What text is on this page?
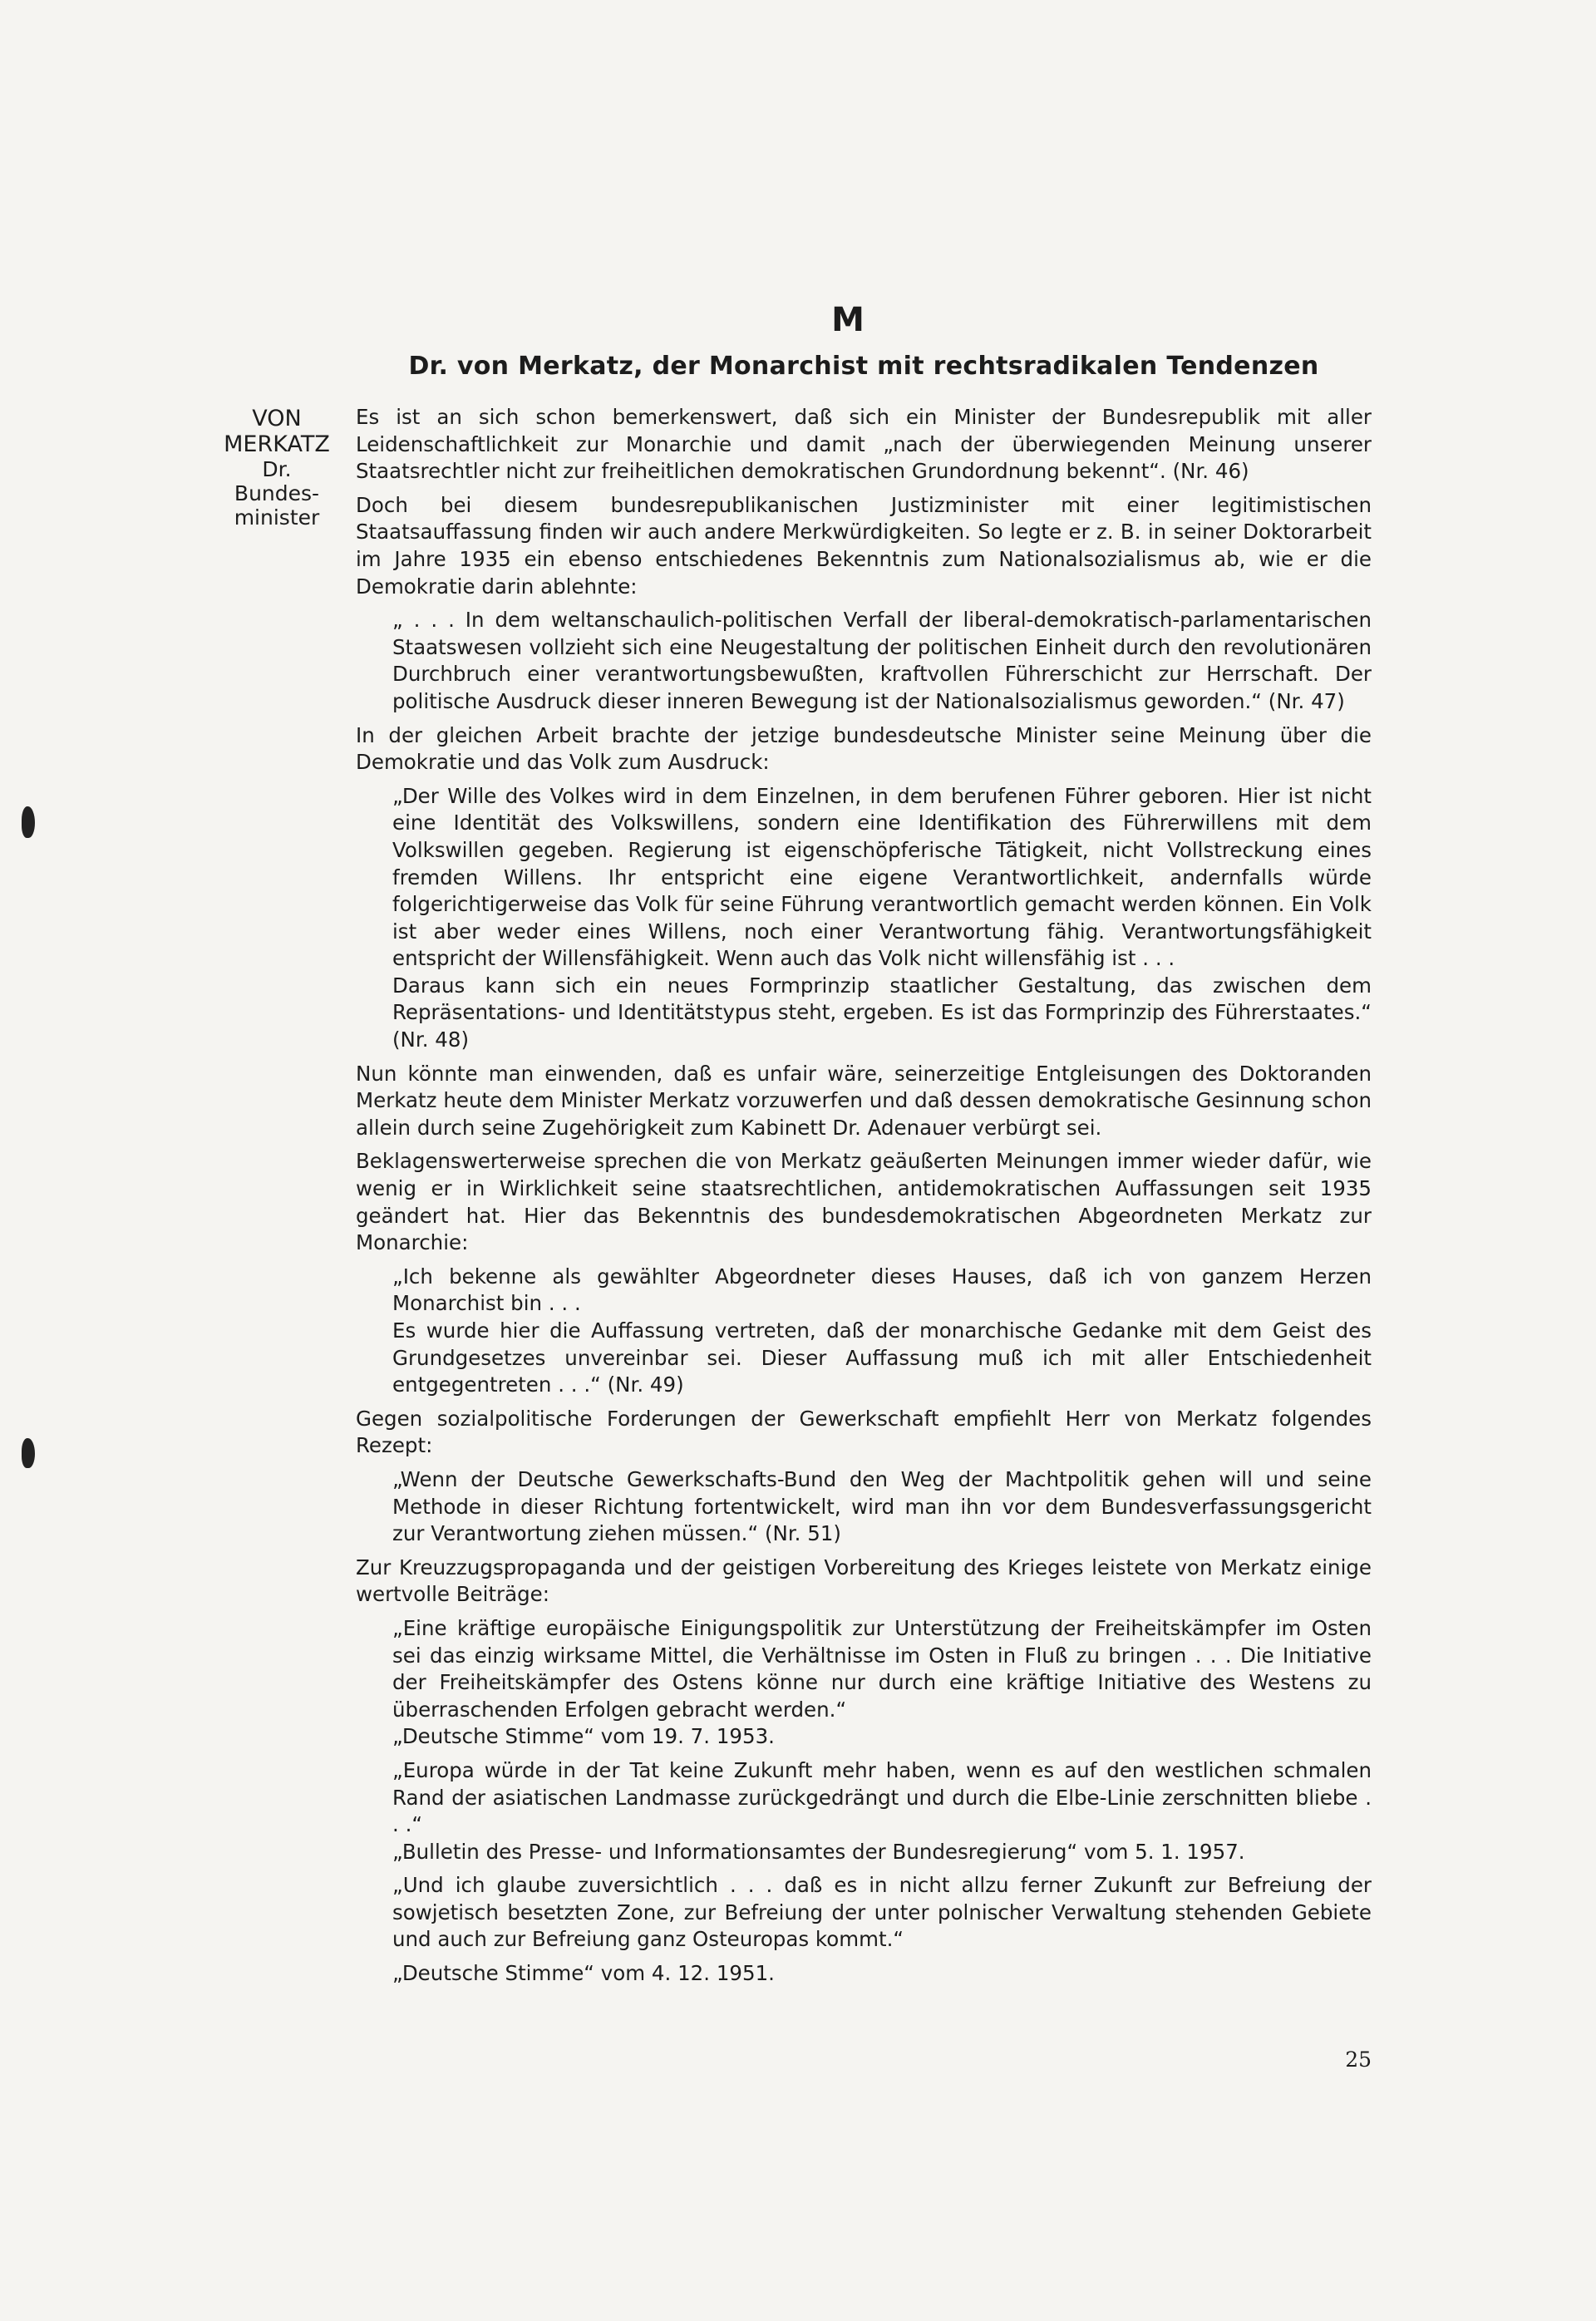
M
Dr. von Merkatz, der Monarchist mit rechtsradikalen Tendenzen
VON
MERKATZ
Dr.
Bundes-
minister

Es ist an sich schon bemerkenswert, daß sich ein Minister der Bundesrepublik mit aller Leidenschaftlichkeit zur Monarchie und damit „nach der überwiegenden Meinung unserer Staatsrechtler nicht zur freiheitlichen demokratischen Grundordnung bekennt“. (Nr. 46)

Doch bei diesem bundesrepublikanischen Justizminister mit einer legitimistischen Staatsauffassung finden wir auch andere Merkwürdigkeiten. So legte er z. B. in seiner Doktorarbeit im Jahre 1935 ein ebenso entschiedenes Bekenntnis zum Nationalsozialismus ab, wie er die Demokratie darin ablehnte:

„ . . . In dem weltanschaulich-politischen Verfall der liberal-demokratisch-parlamentarischen Staatswesen vollzieht sich eine Neugestaltung der politischen Einheit durch den revolutionären Durchbruch einer verantwortungsbewußten, kraftvollen Führerschicht zur Herrschaft. Der politische Ausdruck dieser inneren Bewegung ist der Nationalsozialismus geworden.“ (Nr. 47)

In der gleichen Arbeit brachte der jetzige bundesdeutsche Minister seine Meinung über die Demokratie und das Volk zum Ausdruck:

„Der Wille des Volkes wird in dem Einzelnen, in dem berufenen Führer geboren. Hier ist nicht eine Identität des Volkswillens, sondern eine Identifikation des Führerwillens mit dem Volkswillen gegeben. Regierung ist eigenschöpferische Tätigkeit, nicht Vollstreckung eines fremden Willens. Ihr entspricht eine eigene Verantwortlichkeit, andernfalls würde folgerichtigerweise das Volk für seine Führung verantwortlich gemacht werden können. Ein Volk ist aber weder eines Willens, noch einer Verantwortung fähig. Verantwortungsfähigkeit entspricht der Willensfähigkeit. Wenn auch das Volk nicht willensfähig ist . . .

Daraus kann sich ein neues Formprinzip staatlicher Gestaltung, das zwischen dem Repräsentations- und Identitätstypus steht, ergeben. Es ist das Formprinzip des Führerstaates.“ (Nr. 48)

Nun könnte man einwenden, daß es unfair wäre, seinerzeitige Entgleisungen des Doktoranden Merkatz heute dem Minister Merkatz vorzuwerfen und daß dessen demokratische Gesinnung schon allein durch seine Zugehörigkeit zum Kabinett Dr. Adenauer verbürgt sei.

Beklagenswerterweise sprechen die von Merkatz geäußerten Meinungen immer wieder dafür, wie wenig er in Wirklichkeit seine staatsrechtlichen, antidemokratischen Auffassungen seit 1935 geändert hat. Hier das Bekenntnis des bundesdemokratischen Abgeordneten Merkatz zur Monarchie:

„Ich bekenne als gewählter Abgeordneter dieses Hauses, daß ich von ganzem Herzen Monarchist bin . . .

Es wurde hier die Auffassung vertreten, daß der monarchische Gedanke mit dem Geist des Grundgesetzes unvereinbar sei. Dieser Auffassung muß ich mit aller Entschiedenheit entgegentreten . . .“ (Nr. 49)

Gegen sozialpolitische Forderungen der Gewerkschaft empfiehlt Herr von Merkatz folgendes Rezept:

„Wenn der Deutsche Gewerkschafts-Bund den Weg der Machtpolitik gehen will und seine Methode in dieser Richtung fortentwickelt, wird man ihn vor dem Bundesverfassungsgericht zur Verantwortung ziehen müssen.“ (Nr. 51)

Zur Kreuzzugspropaganda und der geistigen Vorbereitung des Krieges leistete von Merkatz einige wertvolle Beiträge:

„Eine kräftige europäische Einigungspolitik zur Unterstützung der Freiheitskämpfer im Osten sei das einzig wirksame Mittel, die Verhältnisse im Osten in Fluß zu bringen . . . Die Initiative der Freiheitskämpfer des Ostens könne nur durch eine kräftige Initiative des Westens zu überraschenden Erfolgen gebracht werden.“

„Deutsche Stimme“ vom 19. 7. 1953.

„Europa würde in der Tat keine Zukunft mehr haben, wenn es auf den westlichen schmalen Rand der asiatischen Landmasse zurückgedrängt und durch die Elbe-Linie zerschnitten bliebe . . .“

„Bulletin des Presse- und Informationsamtes der Bundesregierung“ vom 5. 1. 1957.

„Und ich glaube zuversichtlich . . . daß es in nicht allzu ferner Zukunft zur Befreiung der sowjetisch besetzten Zone, zur Befreiung der unter polnischer Verwaltung stehenden Gebiete und auch zur Befreiung ganz Osteuropas kommt.“

„Deutsche Stimme“ vom 4. 12. 1951.
25
